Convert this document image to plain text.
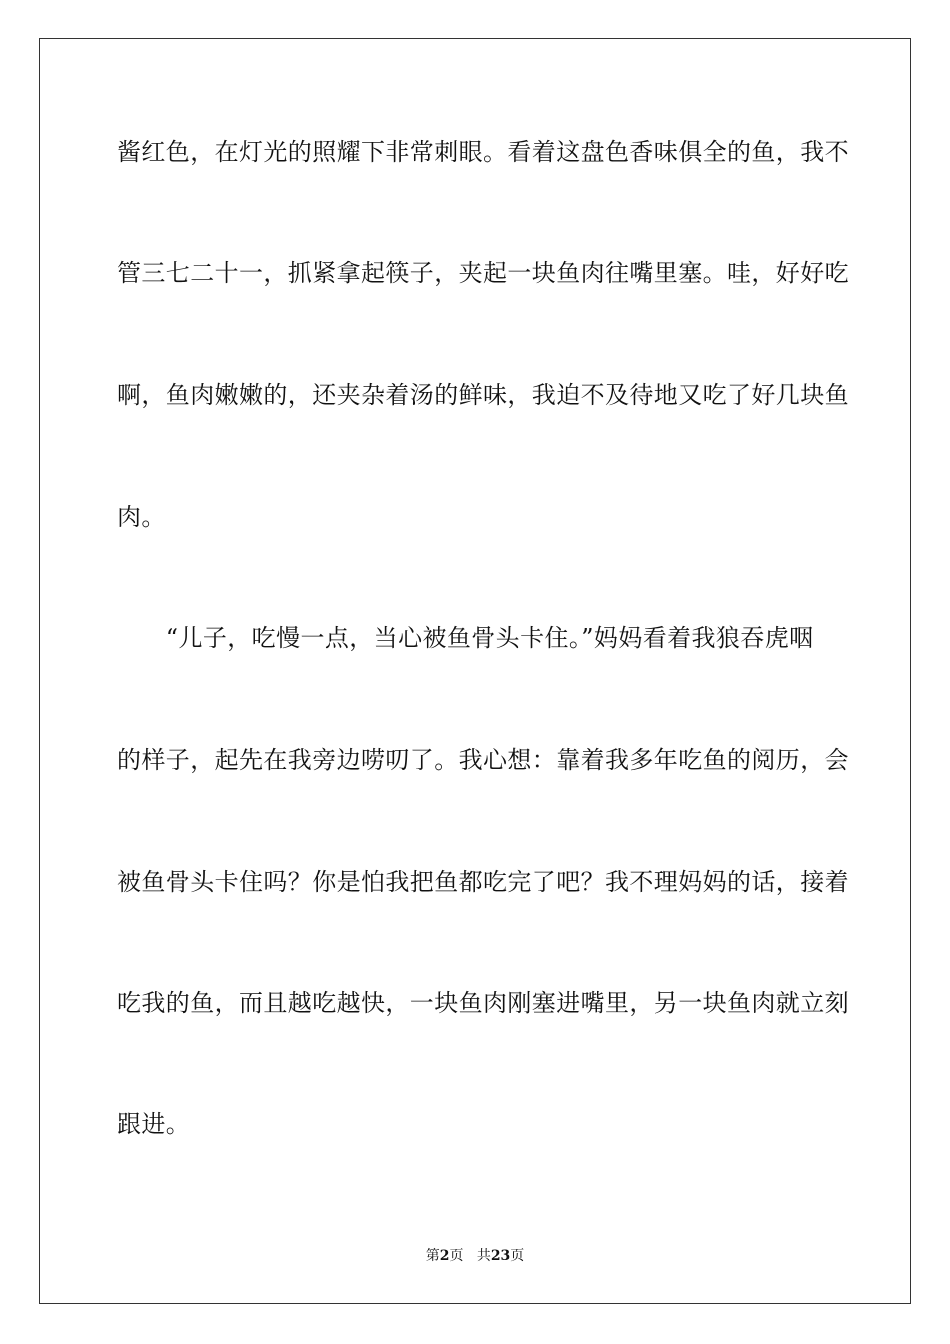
酱红色，在灯光的照耀下非常刺眼。看着这盘色香味俱全的鱼，我不
管三七二十一，抓紧拿起筷子，夹起一块鱼肉往嘴里塞。哇，好好吃
啊，鱼肉嫩嫩的，还夹杂着汤的鲜味，我迫不及待地又吃了好几块鱼
肉。
　　“儿子，吃慢一点，当心被鱼骨头卡住。”妈妈看着我狼吞虎咽
的样子，起先在我旁边唠叨了。我心想：靠着我多年吃鱼的阅历，会
被鱼骨头卡住吗？你是怕我把鱼都吃完了吧？我不理妈妈的话，接着
吃我的鱼，而且越吃越快，一块鱼肉刚塞进嘴里，另一块鱼肉就立刻
跟进。
第2页 共23页
